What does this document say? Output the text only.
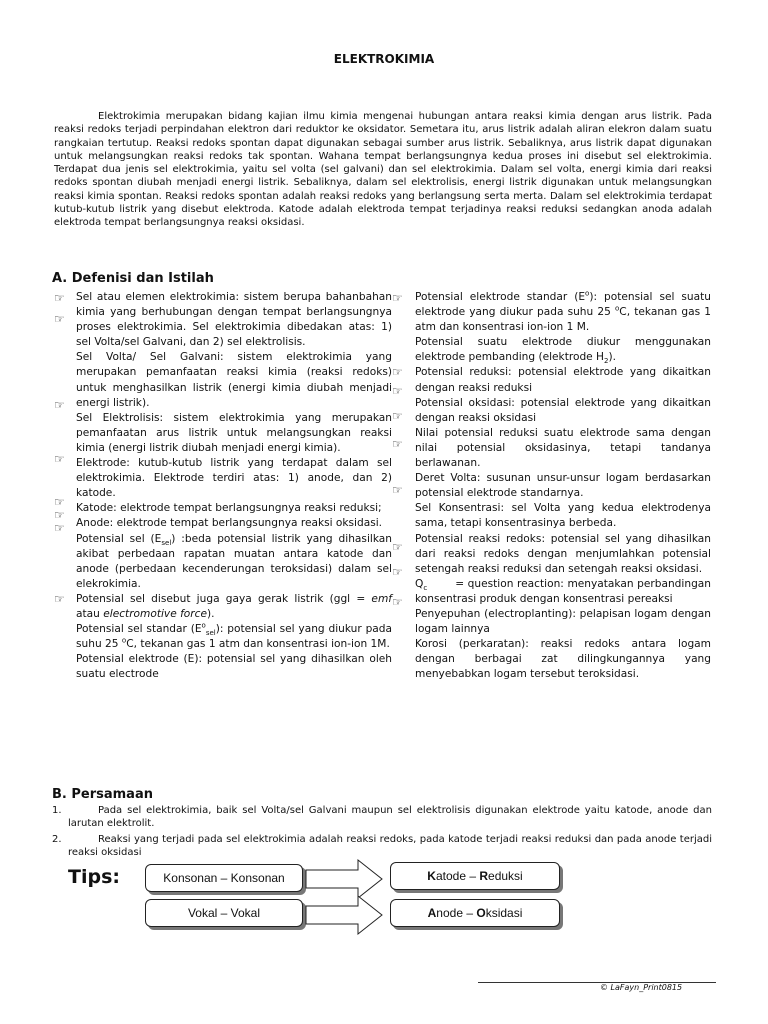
ELEKTROKIMIA

Elektrokimia merupakan bidang kajian ilmu kimia mengenai hubungan antara reaksi kimia dengan arus listrik. Pada reaksi redoks terjadi perpindahan elektron dari reduktor ke oksidator. Semetara itu, arus listrik adalah aliran elekron dalam suatu rangkaian tertutup. Reaksi redoks spontan dapat digunakan sebagai sumber arus listrik. Sebaliknya, arus listrik dapat digunakan untuk melangsungkan reaksi redoks tak spontan. Wahana tempat berlangsungnya kedua proses ini disebut sel elektrokimia. Terdapat dua jenis sel elektrokimia, yaitu sel volta (sel galvani) dan sel elektrokimia. Dalam sel volta, energi kimia dari reaksi redoks spontan diubah menjadi energi listrik. Sebaliknya, dalam sel elektrolisis, energi listrik digunakan untuk melangsungkan reaksi kimia spontan. Reaksi redoks spontan adalah reaksi redoks yang berlangsung serta merta. Dalam sel elektrokimia terdapat kutub-kutub listrik yang disebut elektroda. Katode adalah elektroda tempat terjadinya reaksi reduksi sedangkan anoda adalah elektroda tempat berlangsungnya reaksi oksidasi.

A. Defenisi dan Istilah
☞
☞
☞
☞
☞
☞
☞
☞
☞
☞
☞
☞
☞
☞
☞
☞
☞

Sel atau elemen elektrokimia: sistem berupa bahanbahan kimia yang berhubungan dengan tempat berlangsungnya proses elektrokimia. Sel elektrokimia dibedakan atas: 1) sel Volta/sel Galvani, dan 2) sel elektrolisis.

Sel Volta/ Sel Galvani: sistem elektrokimia yang merupakan pemanfaatan reaksi kimia (reaksi redoks) untuk menghasilkan listrik (energi kimia diubah menjadi energi listrik).

Sel Elektrolisis: sistem elektrokimia yang merupakan pemanfaatan arus listrik untuk melangsungkan reaksi kimia (energi listrik diubah menjadi energi kimia).

Elektrode: kutub-kutub listrik yang terdapat dalam sel elektrokimia. Elektrode terdiri atas: 1) anode, dan 2) katode.

Katode: elektrode tempat berlangsungnya reaksi reduksi;

Anode: elektrode tempat berlangsungnya reaksi oksidasi.

Potensial sel $(E_{sel})$ :beda potensial listrik yang dihasilkan akibat perbedaan rapatan muatan antara katode dan anode (perbedaan kecenderungan teroksidasi) dalam sel elekrokimia.

Potensial sel disebut juga gaya gerak listrik (ggl = emf atau electromotive force).

Potensial sel standar $(E^o_{sel})$: potensial sel yang diukur pada suhu 25 $^o$C, tekanan gas 1 atm dan konsentrasi ion-ion 1M.

Potensial elektrode (E): potensial sel yang dihasilkan oleh suatu electrode

Potensial elektrode standar $(E^o)$: potensial sel suatu elektrode yang diukur pada suhu 25 $^o$C, tekanan gas 1 atm dan konsentrasi ion-ion 1 M.

Potensial suatu elektrode diukur menggunakan elektrode pembanding (elektrode $H_2$).

Potensial reduksi: potensial elektrode yang dikaitkan dengan reaksi reduksi

Potensial oksidasi: potensial elektrode yang dikaitkan dengan reaksi oksidasi

Nilai potensial reduksi suatu elektrode sama dengan nilai potensial oksidasinya, tetapi tandanya berlawanan.

Deret Volta: susunan unsur-unsur logam berdasarkan potensial elektrode standarnya.

Sel Konsentrasi: sel Volta yang kedua elektrodenya sama, tetapi konsentrasinya berbeda.

Potensial reaksi redoks: potensial sel yang dihasilkan dari reaksi redoks dengan menjumlahkan potensial setengah reaksi reduksi dan setengah reaksi oksidasi.

$Q_c$	= question reaction: menyatakan perbandingan konsentrasi produk dengan konsentrasi pereaksi

Penyepuhan (electroplanting): pelapisan logam dengan logam lainnya

Korosi (perkaratan): reaksi redoks antara logam dengan berbagai zat dilingkungannya yang menyebabkan logam tersebut teroksidasi.

B. Persamaan
1.	Pada sel elektrokimia, baik sel Volta/sel Galvani maupun sel elektrolisis digunakan elektrode yaitu katode, anode dan larutan elektrolit.
2.	Reaksi yang terjadi pada sel elektrokimia adalah reaksi redoks, pada katode terjadi reaksi reduksi dan pada anode terjadi reaksi oksidasi
Tips:	Konsonan – Konsonan	Katode – Reduksi
Vokal – Vokal	Anode – Oksidasi
© LaFayn_Print0815
